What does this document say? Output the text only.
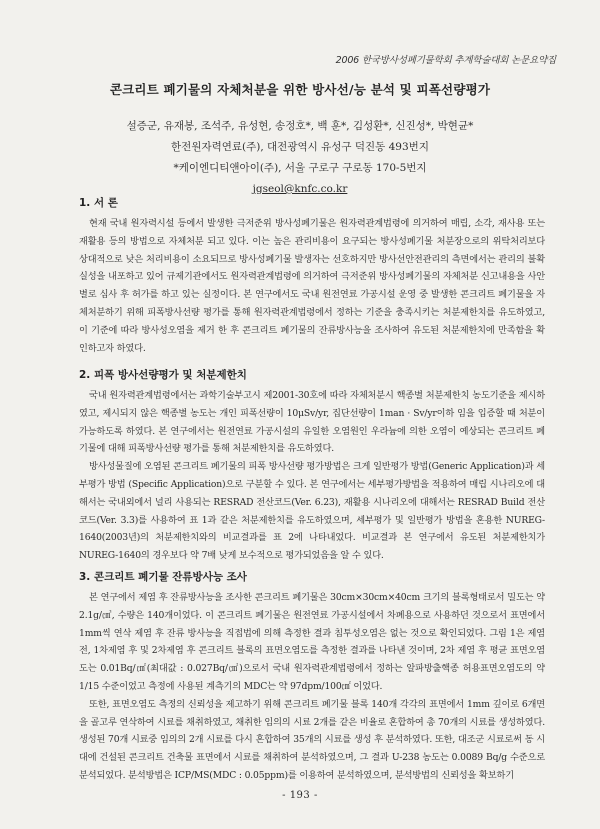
2006 한국방사성폐기물학회 추계학술대회 논문요약집
콘크리트 폐기물의 자체처분을 위한 방사선/능 분석 및 피폭선량평가
설증군, 유재봉, 조석주, 유성현, 송정호*, 백 훈*, 김성환*, 신진성*, 박현균*
한전원자력연료(주), 대전광역시 유성구 덕진동 493번지
*케이엔디티앤아이(주), 서울 구로구 구로동 170-5번지
jgseol@knfc.co.kr

1. 서 론

현재 국내 원자력시설 등에서 발생한 극저준위 방사성폐기물은 원자력관계법령에 의거하여 매립, 소각, 재사용 또는 재활용 등의 방법으로 자체처분 되고 있다. 이는 높은 관리비용이 요구되는 방사성폐기물 처분장으로의 위탁처리보다 상대적으로 낮은 처리비용이 소요되므로 방사성폐기물 발생자는 선호하지만 방사선안전관리의 측면에서는 관리의 불확실성을 내포하고 있어 규제기관에서도 원자력관계법령에 의거하여 극저준위 방사성폐기물의 자체처분 신고내용을 사안별로 심사 후 허가를 하고 있는 실정이다. 본 연구에서도 국내 원전연료 가공시설 운영 중 발생한 콘크리트 폐기물을 자체처분하기 위해 피폭방사선량 평가를 통해 원자력관계법령에서 정하는 기준을 충족시키는 처분제한치를 유도하였고, 이 기준에 따라 방사성오염을 제거 한 후 콘크리트 폐기물의 잔류방사능을 조사하여 유도된 처분제한치에 만족함을 확인하고자 하였다.

2. 피폭 방사선량평가 및 처분제한치

국내 원자력관계법령에서는 과학기술부고시 제2001-30호에 따라 자체처분시 핵종별 처분제한치 농도기준을 제시하였고, 제시되지 않은 핵종별 농도는 개인 피폭선량이 10μSv/yr, 집단선량이 1man · Sv/yr이하 임을 입증할 때 처분이 가능하도록 하였다. 본 연구에서는 원전연료 가공시설의 유일한 오염원인 우라늄에 의한 오염이 예상되는 콘크리트 폐기물에 대해 피폭방사선량 평가를 통해 처분제한치를 유도하였다.

방사성물질에 오염된 콘크리트 폐기물의 피폭 방사선량 평가방법은 크게 일반평가 방법(Generic Application)과 세부평가 방법 (Specific Application)으로 구분할 수 있다. 본 연구에서는 세부평가방법을 적용하여 매립 시나리오에 대해서는 국내외에서 널리 사용되는 RESRAD 전산코드(Ver. 6.23), 재활용 시나리오에 대해서는 RESRAD Build 전산코드(Ver. 3.3)를 사용하여 표 1과 같은 처분제한치를 유도하였으며, 세부평가 및 일반평가 방법을 혼용한 NUREG-1640(2003년)의 처분제한치와의 비교결과를 표 2에 나타내었다. 비교결과 본 연구에서 유도된 처분제한치가 NUREG-1640의 경우보다 약 7배 낮게 보수적으로 평가되었음을 알 수 있다.

3. 콘크리트 폐기물 잔류방사능 조사

본 연구에서 제염 후 잔류방사능을 조사한 콘크리트 폐기물은 30cm×30cm×40cm 크기의 블록형태로서 밀도는 약 2.1g/㎤, 수량은 140개이었다. 이 콘크리트 폐기물은 원전연료 가공시설에서 차폐용으로 사용하던 것으로서 표면에서 1mm씩 연삭 제염 후 잔류 방사능을 직접법에 의해 측정한 결과 침투성오염은 없는 것으로 확인되었다. 그림 1은 제염전, 1차제염 후 및 2차제염 후 콘크리트 블록의 표면오염도를 측정한 결과를 나타낸 것이며, 2차 제염 후 평균 표면오염도는 0.01Bq/㎠(최대값 : 0.027Bq/㎠)으로서 국내 원자력관계법령에서 정하는 알파방출핵종 허용표면오염도의 약 1/15 수준이었고 측정에 사용된 계측기의 MDC는 약 97dpm/100㎠ 이었다.

또한, 표면오염도 측정의 신뢰성을 제고하기 위해 콘크리트 폐기물 블록 140개 각각의 표면에서 1mm 깊이로 6개면을 골고루 연삭하여 시료를 채취하였고, 채취한 임의의 시료 2개를 같은 비율로 혼합하여 총 70개의 시료를 생성하였다. 생성된 70개 시료중 임의의 2개 시료를 다시 혼합하여 35개의 시료를 생성 후 분석하였다. 또한, 대조군 시료로써 동 시대에 건설된 콘크리트 건축물 표면에서 시료를 채취하여 분석하였으며, 그 결과 U-238 농도는 0.0089 Bq/g 수준으로 분석되었다. 분석방법은 ICP/MS(MDC : 0.05ppm)를 이용하여 분석하였으며, 분석방법의 신뢰성을 확보하기

- 193 -
